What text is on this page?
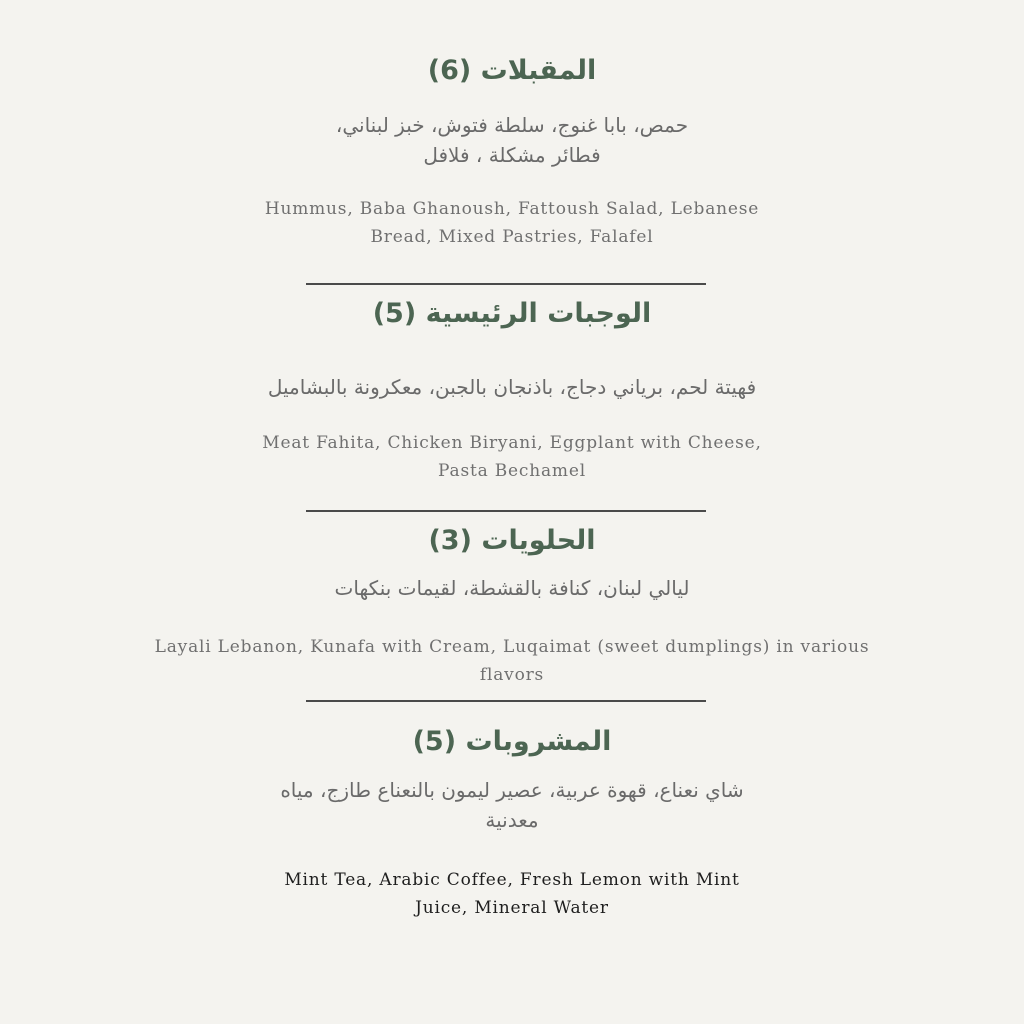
المقبلات (6)
حمص، بابا غنوج، سلطة فتوش، خبز لبناني،
فطائر مشكلة ، فلافل
Hummus, Baba Ghanoush, Fattoush Salad, Lebanese
Bread, Mixed Pastries, Falafel
الوجبات الرئيسية (5)
فهيتة لحم، برياني دجاج، باذنجان بالجبن، معكرونة بالبشاميل
Meat Fahita, Chicken Biryani, Eggplant with Cheese,
Pasta Bechamel
الحلويات (3)
ليالي لبنان، كنافة بالقشطة، لقيمات بنكهات
Layali Lebanon, Kunafa with Cream, Luqaimat (sweet dumplings) in various
flavors
المشروبات (5)
شاي نعناع، قهوة عربية، عصير ليمون بالنعناع طازج، مياه
معدنية
Mint Tea, Arabic Coffee, Fresh Lemon with Mint
Juice, Mineral Water
